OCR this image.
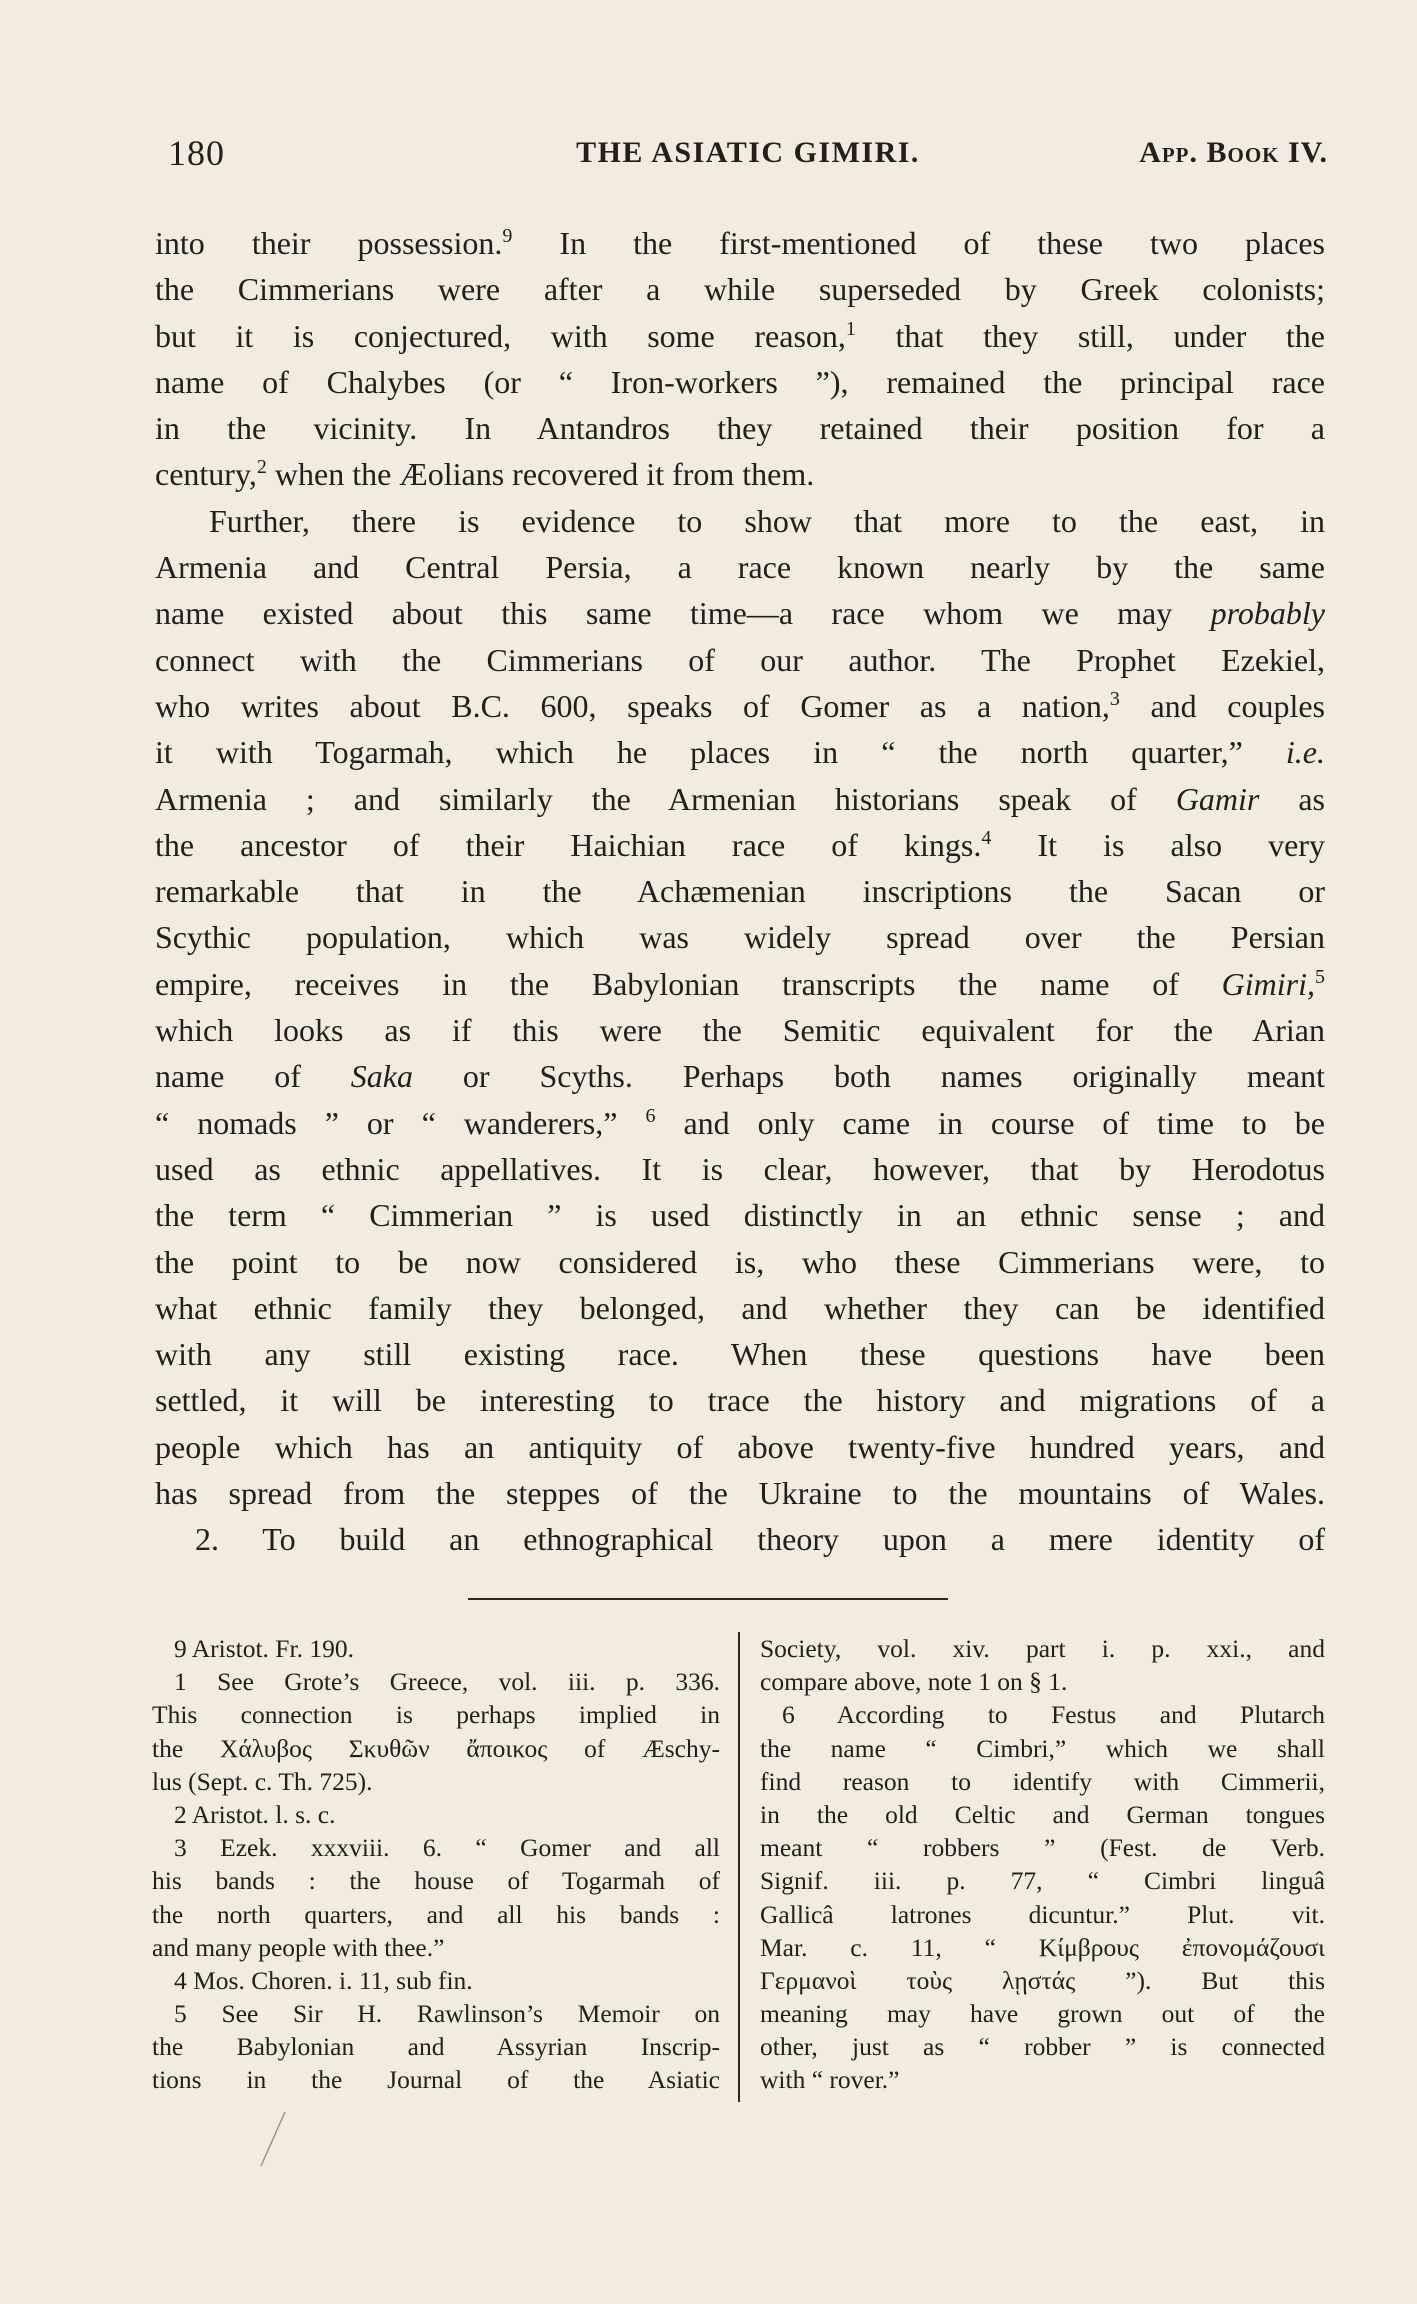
180	THE ASIATIC GIMIRI.	App. Book IV.
into their possession.$^9$ In the first-mentioned of these two places
the Cimmerians were after a while superseded by Greek colonists;
but it is conjectured, with some reason,$^1$ that they still, under the
name of Chalybes (or “ Iron-workers ”), remained the principal race
in the vicinity. In Antandros they retained their position for a
century,$^2$ when the Æolians recovered it from them.
Further, there is evidence to show that more to the east, in
Armenia and Central Persia, a race known nearly by the same
name existed about this same time—a race whom we may probably
connect with the Cimmerians of our author. The Prophet Ezekiel,
who writes about B.C. 600, speaks of Gomer as a nation,$^3$ and couples
it with Togarmah, which he places in “ the north quarter,” i.e.
Armenia ; and similarly the Armenian historians speak of Gamir as
the ancestor of their Haichian race of kings.$^4$ It is also very
remarkable that in the Achæmenian inscriptions the Sacan or
Scythic population, which was widely spread over the Persian
empire, receives in the Babylonian transcripts the name of Gimiri,$^5$
which looks as if this were the Semitic equivalent for the Arian
name of Saka or Scyths. Perhaps both names originally meant
“ nomads ” or “ wanderers,” $^6$ and only came in course of time to be
used as ethnic appellatives. It is clear, however, that by Herodotus
the term “ Cimmerian ” is used distinctly in an ethnic sense ; and
the point to be now considered is, who these Cimmerians were, to
what ethnic family they belonged, and whether they can be identified
with any still existing race. When these questions have been
settled, it will be interesting to trace the history and migrations of a
people which has an antiquity of above twenty-five hundred years, and
has spread from the steppes of the Ukraine to the mountains of Wales.
2. To build an ethnographical theory upon a mere identity of
9 Aristot. Fr. 190.
1 See Grote’s Greece, vol. iii. p. 336.
This connection is perhaps implied in
the Χάλυβος Σκυθῶν ἄποικος of Æschy-
lus (Sept. c. Th. 725).
2 Aristot. l. s. c.
3 Ezek. xxxviii. 6. “ Gomer and all
his bands : the house of Togarmah of
the north quarters, and all his bands :
and many people with thee.”
4 Mos. Choren. i. 11, sub fin.
5 See Sir H. Rawlinson’s Memoir on
the Babylonian and Assyrian Inscrip-
tions in the Journal of the Asiatic
Society, vol. xiv. part i. p. xxi., and
compare above, note 1 on § 1.
6 According to Festus and Plutarch
the name “ Cimbri,” which we shall
find reason to identify with Cimmerii,
in the old Celtic and German tongues
meant “ robbers ” (Fest. de Verb.
Signif. iii. p. 77, “ Cimbri linguâ
Gallicâ latrones dicuntur.” Plut. vit.
Mar. c. 11, “ Κίμβρους ἐπονομάζουσι
Γερμανοὶ τοὺς λῃστάς ”). But this
meaning may have grown out of the
other, just as “ robber ” is connected
with “ rover.”
